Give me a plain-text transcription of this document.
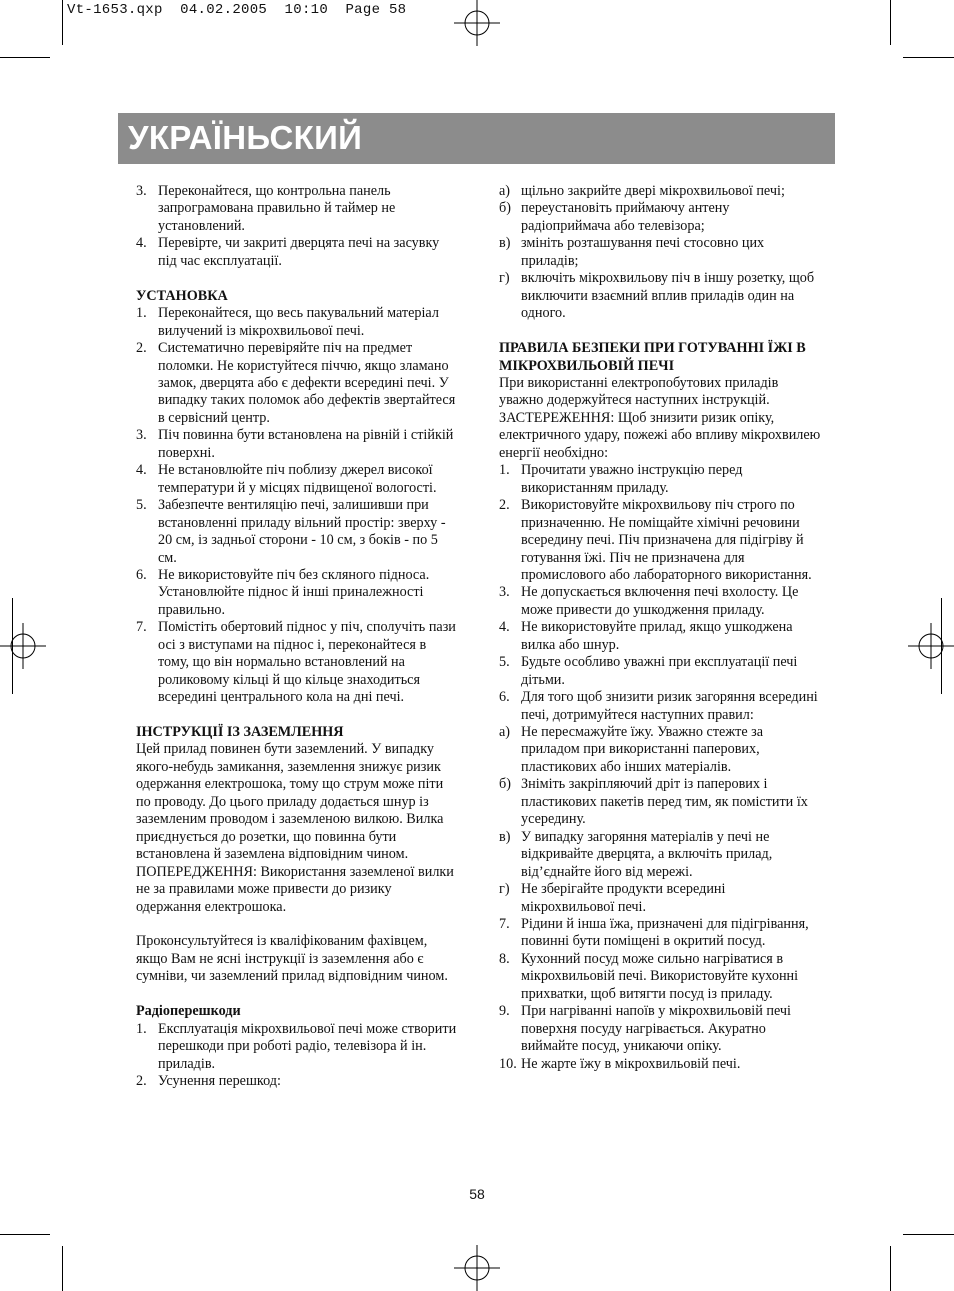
Vt-1653.qxp 04.02.2005 10:10 Page 58
УКРАЇНЬСКИЙ
3. Переконайтеся, що контрольна панель запрограмована правильно й таймер не установлений.
4. Перевірте, чи закриті дверцята печі на засувку під час експлуатації.
УСТАНОВКА
1. Переконайтеся, що весь пакувальний матеріал вилучений із мікрохвильової печі.
2. Систематично перевіряйте піч на предмет поломки. Не користуйтеся піччю, якщо зламано замок, дверцята або є дефекти всередині печі. У випадку таких поломок або дефектів звертайтеся в сервісний центр.
3. Піч повинна бути встановлена на рівній і стійкій поверхні.
4. Не встановлюйте піч поблизу джерел високої температури й у місцях підвищеної вологості.
5. Забезпечте вентиляцію печі, залишивши при встановленні приладу вільний простір: зверху - 20 см, із задньої сторони - 10 см, з боків - по 5 см.
6. Не використовуйте піч без скляного підноса. Установлюйте піднос й інші приналежності правильно.
7. Помістіть обертовий піднос у піч, сполучіть пази осі з виступами на піднос і, переконайтеся в тому, що він нормально встановлений на роликовому кільці й що кільце знаходиться всередині центрального кола на дні печі.
ІНСТРУКЦІЇ ІЗ ЗАЗЕМЛЕННЯ
Цей прилад повинен бути заземлений. У випадку якого-небудь замикання, заземлення знижує ризик одержання електрошока, тому що струм може піти по проводу. До цього приладу додається шнур із заземленим проводом і заземленою вилкою. Вилка приєднується до розетки, що повинна бути встановлена й заземлена відповідним чином.
ПОПЕРЕДЖЕННЯ: Використання заземленої вилки не за правилами може привести до ризику одержання електрошока.
Проконсультуйтеся із кваліфікованим фахівцем, якщо Вам не ясні інструкції із заземлення або є сумніви, чи заземлений прилад відповідним чином.
Радіоперешкоди
1. Експлуатація мікрохвильової печі може створити перешкоди при роботі радіо, телевізора й ін. приладів.
2. Усунення перешкод:
а) щільно закрийте двері мікрохвильової печі;
б) переустановіть приймаючу антену радіоприймача або телевізора;
в) змініть розташування печі стосовно цих приладів;
г) включіть мікрохвильову піч в іншу розетку, щоб виключити взаємний вплив приладів один на одного.
ПРАВИЛА БЕЗПЕКИ ПРИ ГОТУВАННІ ЇЖІ В МІКРОХВИЛЬОВІЙ ПЕЧІ
При використанні електропобутових приладів уважно додержуйтеся наступних інструкцій.
ЗАСТЕРЕЖЕННЯ: Щоб знизити ризик опіку, електричного удару, пожежі або впливу мікрохвилею енергії необхідно:
1. Прочитати уважно інструкцію перед використанням приладу.
2. Використовуйте мікрохвильову піч строго по призначенню. Не поміщайте хімічні речовини всередину печі. Піч призначена для підігріву й готування їжі. Піч не призначена для промислового або лабораторного використання.
3. Не допускається включення печі вхолосту. Це може привести до ушкодження приладу.
4. Не використовуйте прилад, якщо ушкоджена вилка або шнур.
5. Будьте особливо уважні при експлуатації печі дітьми.
6. Для того щоб знизити ризик загоряння всередині печі, дотримуйтеся наступних правил:
а) Не пересмажуйте їжу. Уважно стежте за приладом при використанні паперових, пластикових або інших матеріалів.
б) Зніміть закріпляючий дріт із паперових і пластикових пакетів перед тим, як помістити їх усередину.
в) У випадку загоряння матеріалів у печі не відкривайте дверцята, а включіть прилад, від’єднайте його від мережі.
г) Не зберігайте продукти всередині мікрохвильової печі.
7. Рідини й інша їжа, призначені для підігрівання, повинні бути поміщені в окритий посуд.
8. Кухонний посуд може сильно нагріватися в мікрохвильовій печі. Використовуйте кухонні прихватки, щоб витягти посуд із приладу.
9. При нагріванні напоїв у мікрохвильовій печі поверхня посуду нагрівається. Акуратно виймайте посуд, уникаючи опіку.
10. Не жарте їжу в мікрохвильовій печі.
58
